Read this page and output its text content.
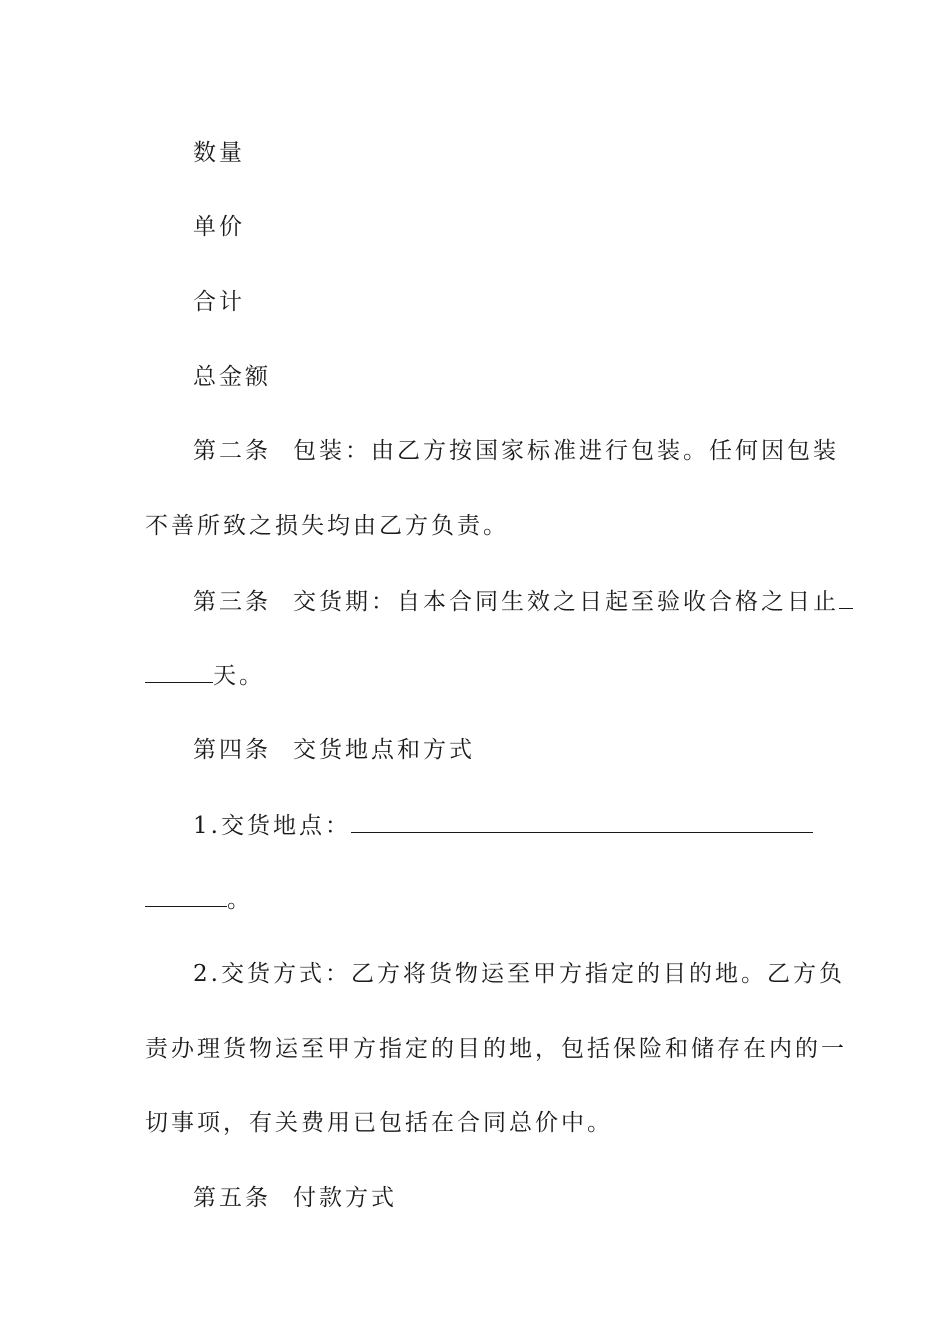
数量
单价
合计
总金额
第二条 包装：由乙方按国家标准进行包装。任何因包装
不善所致之损失均由乙方负责。
第三条 交货期：自本合同生效之日起至验收合格之日止
天。
第四条 交货地点和方式
1.交货地点：
。
2.交货方式：乙方将货物运至甲方指定的目的地。乙方负
责办理货物运至甲方指定的目的地，包括保险和储存在内的一
切事项，有关费用已包括在合同总价中。
第五条 付款方式
